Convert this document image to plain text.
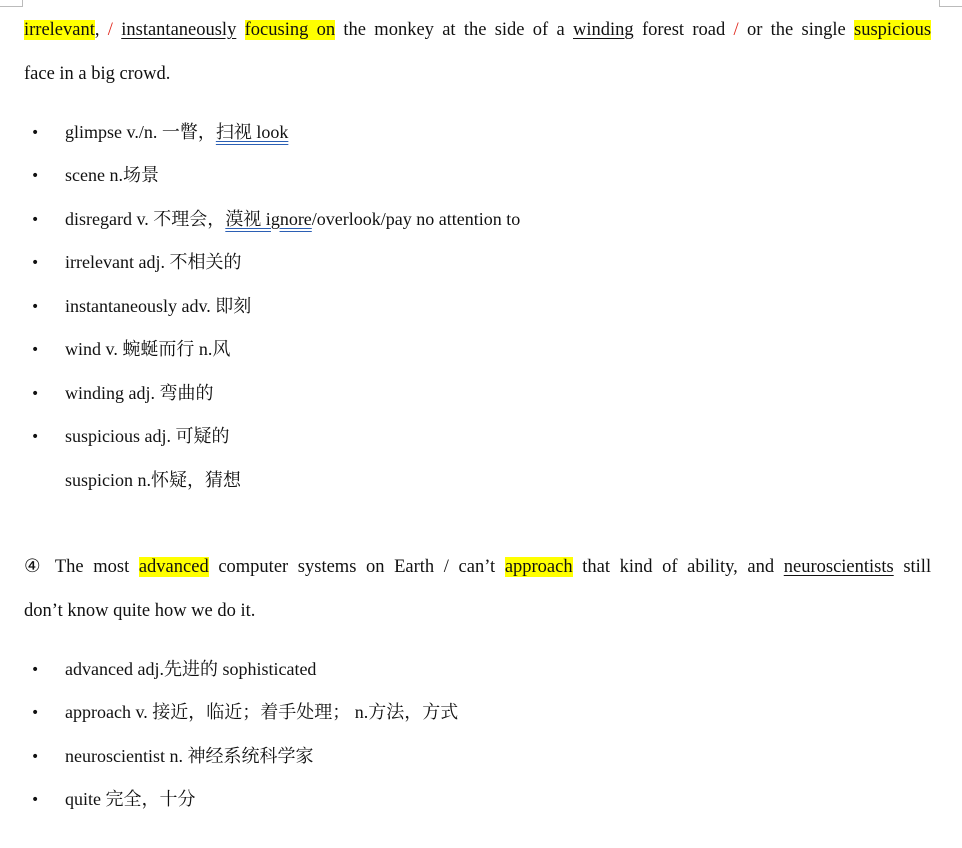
irrelevant, / instantaneously focusing on the monkey at the side of a winding forest road / or the single suspicious
face in a big crowd.
• glimpse v./n. 一瞥，扫视 look
• scene n.场景
• disregard v. 不理会，漠视 ignore/overlook/pay no attention to
• irrelevant adj. 不相关的
• instantaneously adv. 即刻
• wind v. 蜿蜒而行 n.风
• winding adj. 弯曲的
• suspicious adj. 可疑的
suspicion n.怀疑，猜想
④ The most advanced computer systems on Earth / can’t approach that kind of ability, and neuroscientists still
don’t know quite how we do it.
• advanced adj.先进的 sophisticated
• approach v. 接近，临近；着手处理； n.方法，方式
• neuroscientist n. 神经系统科学家
• quite 完全，十分
